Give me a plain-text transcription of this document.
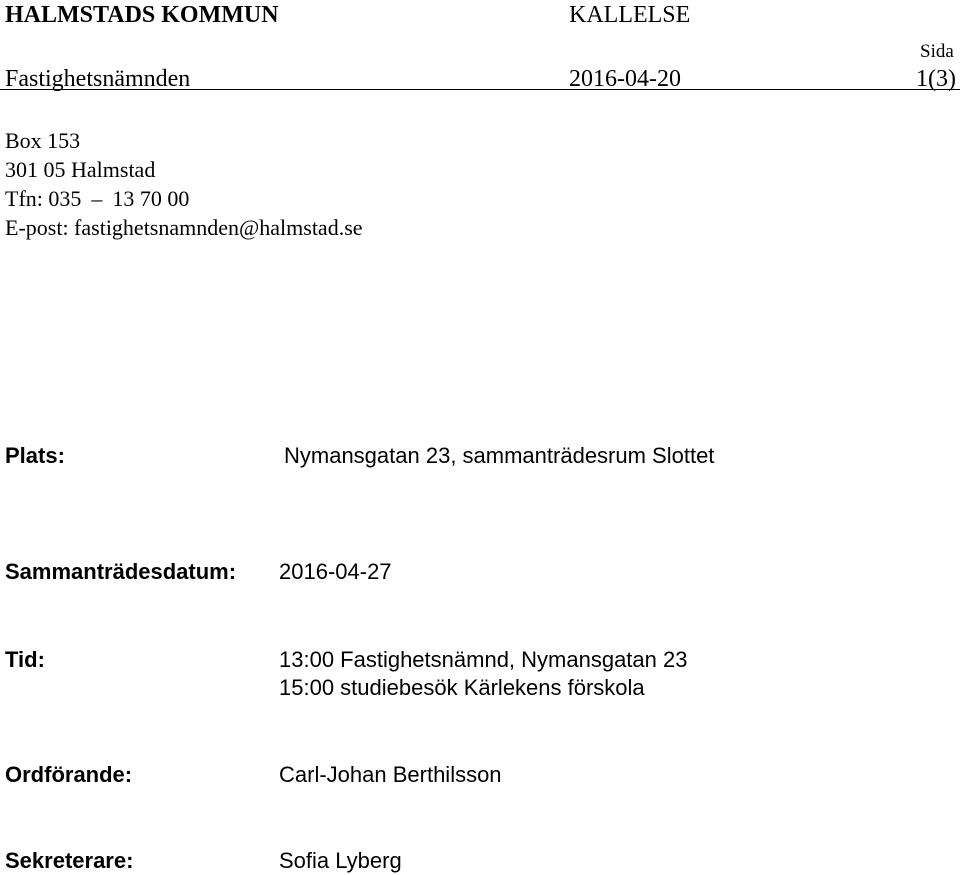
HALMSTADS KOMMUN	KALLELSE
Sida
Fastighetsnämnden	2016-04-20	1(3)
Box 153
301 05 Halmstad
Tfn: 035 – 13 70 00
E-post: fastighetsnamnden@halmstad.se
Plats:	Nymansgatan 23, sammanträdesrum Slottet
Sammanträdesdatum: 2016-04-27
Tid:	13:00 Fastighetsnämnd, Nymansgatan 23
15:00 studiebesök Kärlekens förskola
Ordförande:	Carl-Johan Berthilsson
Sekreterare:	Sofia Lyberg
